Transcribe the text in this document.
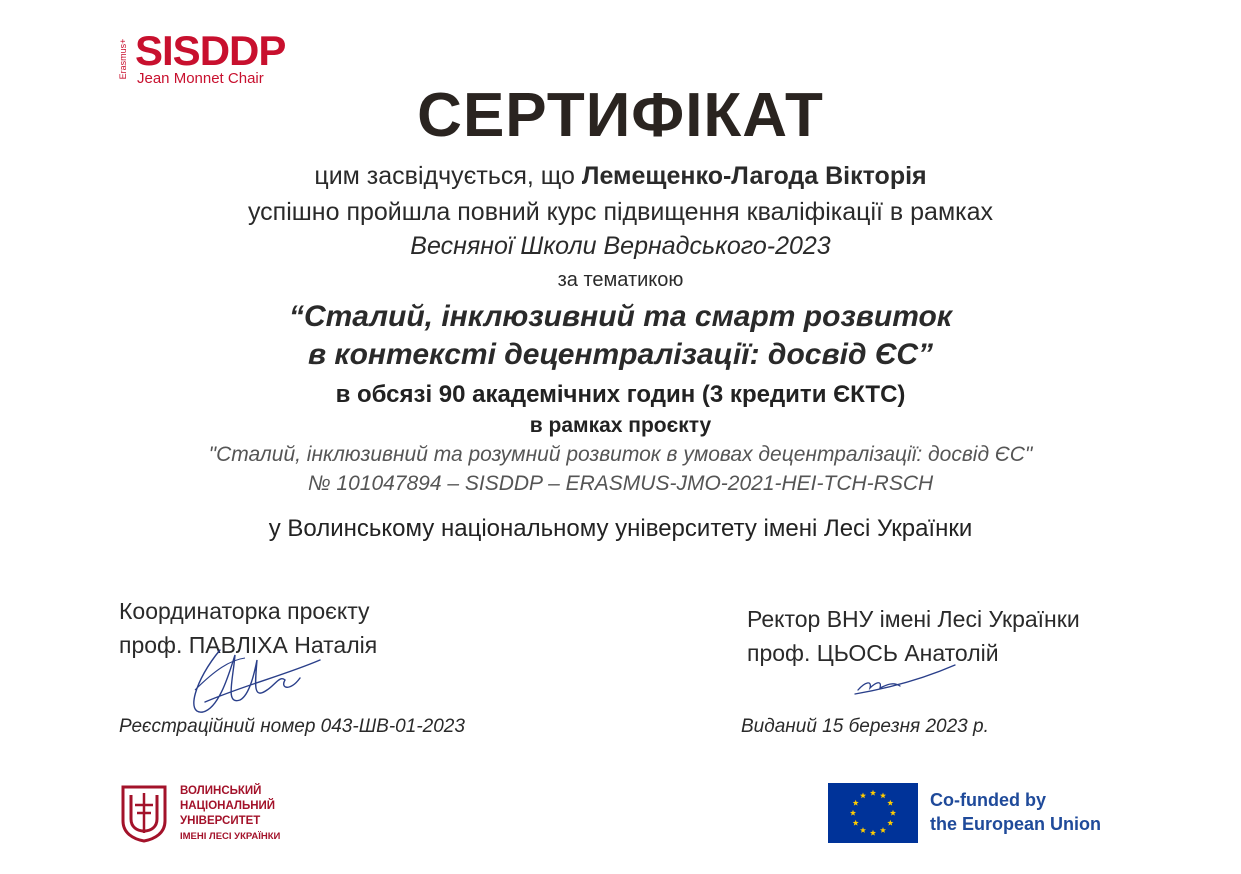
Erasmus+ SISDDP
Jean Monnet Chair
СЕРТИФІКАТ
цим засвідчується, що Лемещенко-Лагода Вікторія
успішно пройшла повний курс підвищення кваліфікації в рамках
Весняної Школи Вернадського-2023
за тематикою
“Сталий, інклюзивний та смарт розвиток
в контексті децентралізації: досвід ЄС”
в обсязі 90 академічних годин (3 кредити ЄКТС)
в рамках проєкту
"Сталий, інклюзивний та розумний розвиток в умовах децентралізації: досвід ЄС"
№ 101047894 – SISDDP – ERASMUS-JMO-2021-HEI-TCH-RSCH
у Волинському національному університету імені Лесі Українки
Координаторка проєкту
проф. ПАВЛІХА Наталія
Ректор ВНУ імені Лесі Українки
проф. ЦЬОСЬ Анатолій
Реєстраційний номер 043-ШВ-01-2023	Виданий 15 березня 2023 р.
ВОЛИНСЬКИЙ
НАЦІОНАЛЬНИЙ
УНІВЕРСИТЕТ
ІМЕНІ ЛЕСІ УКРАЇНКИ
Co-funded by
the European Union
